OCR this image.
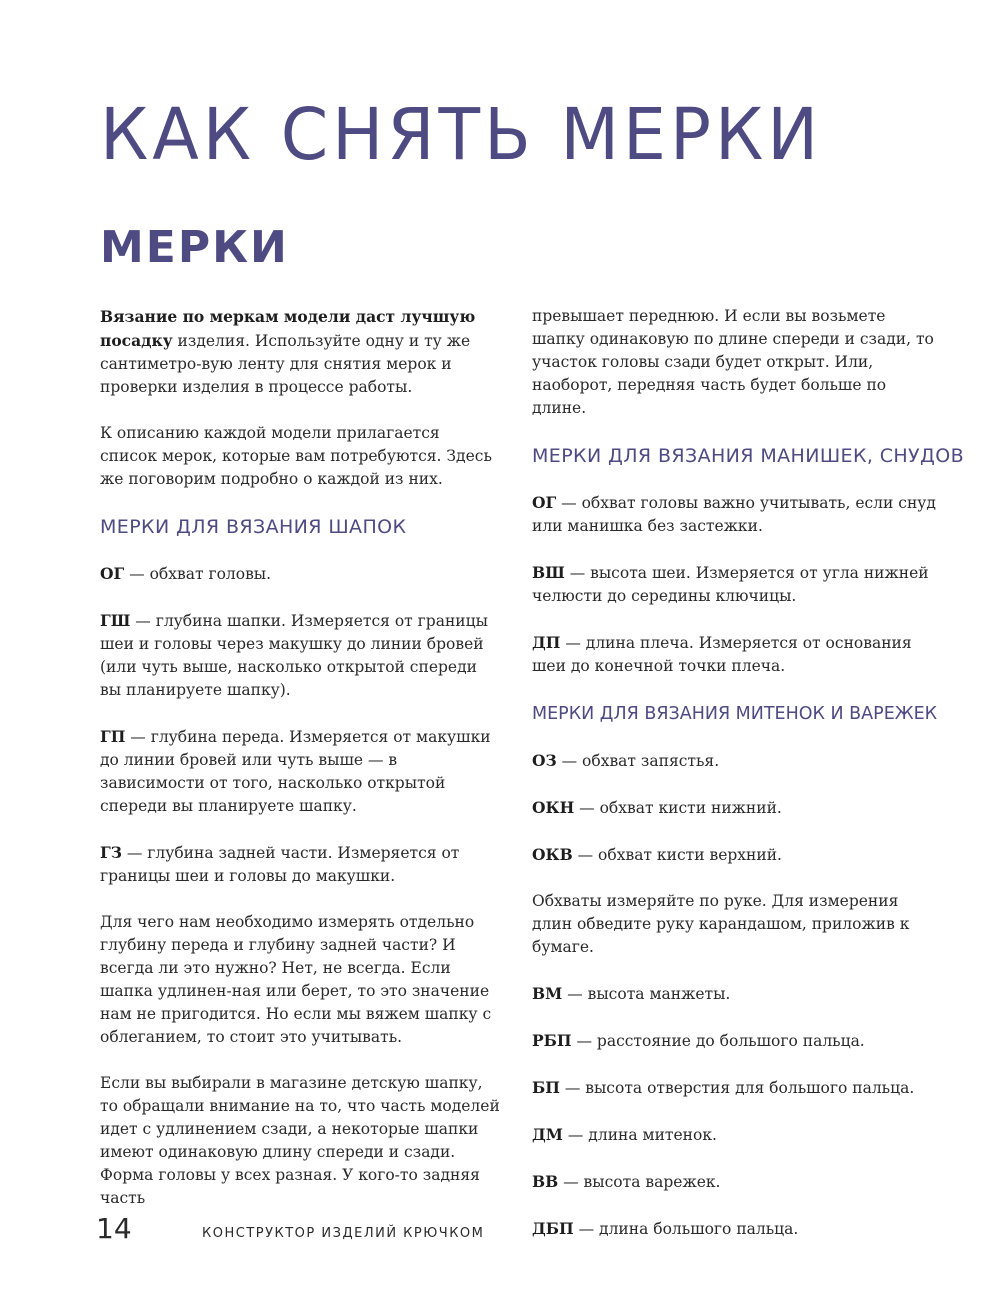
КАК СНЯТЬ МЕРКИ
МЕРКИ

Вязание по меркам модели даст лучшую посадку изделия. Используйте одну и ту же сантиметро-вую ленту для снятия мерок и проверки изделия в процессе работы.

К описанию каждой модели прилагается список мерок, которые вам потребуются. Здесь же поговорим подробно о каждой из них.

МЕРКИ ДЛЯ ВЯЗАНИЯ ШАПОК

ОГ — обхват головы.

ГШ — глубина шапки. Измеряется от границы шеи и головы через макушку до линии бровей (или чуть выше, насколько открытой спереди вы планируете шапку).

ГП — глубина переда. Измеряется от макушки до линии бровей или чуть выше — в зависимости от того, насколько открытой спереди вы планируете шапку.

ГЗ — глубина задней части. Измеряется от границы шеи и головы до макушки.

Для чего нам необходимо измерять отдельно глубину переда и глубину задней части? И всегда ли это нужно? Нет, не всегда. Если шапка удлинен-ная или берет, то это значение нам не пригодится. Но если мы вяжем шапку с облеганием, то стоит это учитывать.

Если вы выбирали в магазине детскую шапку, то обращали внимание на то, что часть моделей идет с удлинением сзади, а некоторые шапки имеют одинаковую длину спереди и сзади. Форма головы у всех разная. У кого-то задняя часть

превышает переднюю. И если вы возьмете шапку одинаковую по длине спереди и сзади, то участок головы сзади будет открыт. Или, наоборот, передняя часть будет больше по длине.

МЕРКИ ДЛЯ ВЯЗАНИЯ МАНИШЕК, СНУДОВ

ОГ — обхват головы важно учитывать, если снуд или манишка без застежки.

ВШ — высота шеи. Измеряется от угла нижней челюсти до середины ключицы.

ДП — длина плеча. Измеряется от основания шеи до конечной точки плеча.

МЕРКИ ДЛЯ ВЯЗАНИЯ МИТЕНОК И ВАРЕЖЕК

ОЗ — обхват запястья.

ОКН — обхват кисти нижний.

ОКВ — обхват кисти верхний.

Обхваты измеряйте по руке. Для измерения длин обведите руку карандашом, приложив к бумаге.

ВМ — высота манжеты.

РБП — расстояние до большого пальца.

БП — высота отверстия для большого пальца.

ДМ — длина митенок.

ВВ — высота варежек.

ДБП — длина большого пальца.

14	КОНСТРУКТОР ИЗДЕЛИЙ КРЮЧКОМ
